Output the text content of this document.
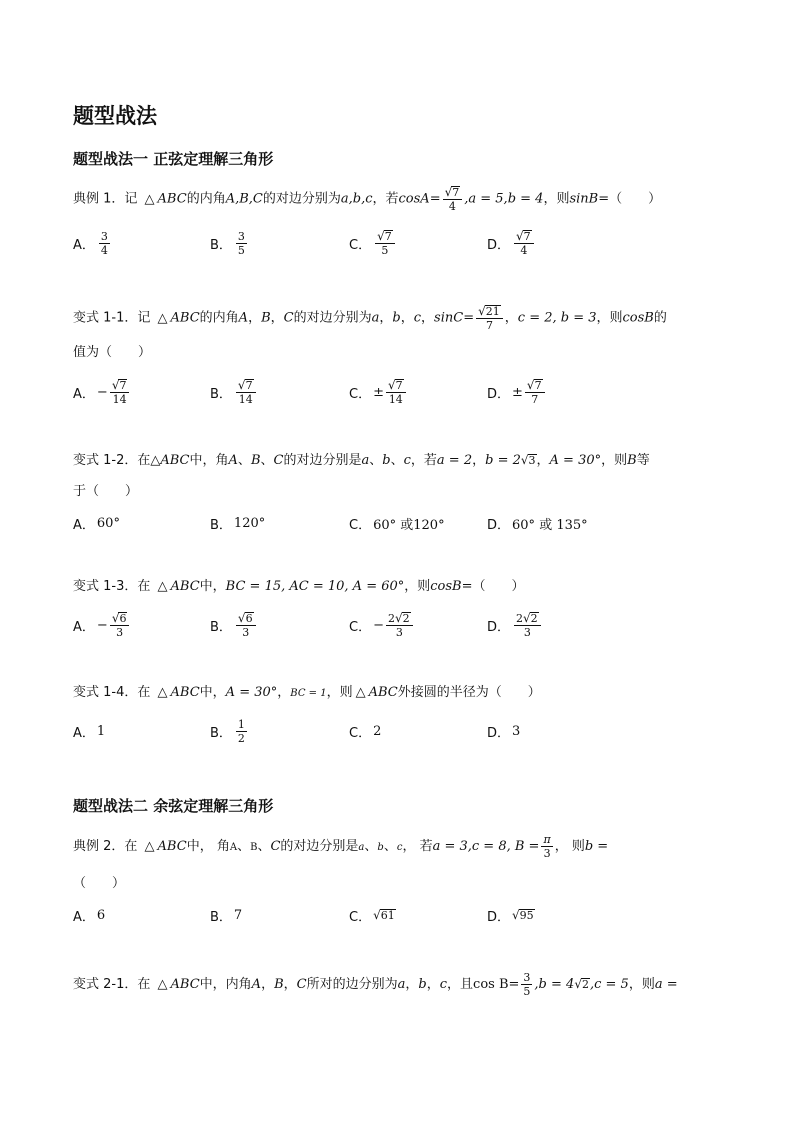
题型战法
题型战法一 正弦定理解三角形
典例 1．记 △ ABC的内角A,B,C的对边分别为a,b,c，若$\cos A= \frac{√ 7}{4} ,a = 5,b = 4$，则sinB=（　　）
A． $\frac{3}{4}$	B． $\frac{3}{5}$	C． $\frac{√ 7}{5}$	D． $\frac{√ 7}{4}$
变式 1-1．记 △ ABC的内角A，B，C的对边分别为a，b，c，$\sin C= \frac{√ 21}{7}$ ，c = 2, b = 3，则cosB的
值为（　　）
A． − $\frac{√ 7}{14}$	B． $\frac{√ 7}{14}$	C． ± $\frac{√ 7}{14}$	D． ± $\frac{√ 7}{7}$
变式 1-2．在△ABC中，角A、B、C的对边分别是a、b、c，若a = 2，b = 2 √ 3 ，A = 30°，则B等
于（　　）
A． 60°	B． 120°	C． 60° 或120°	D． 60° 或 135°
变式 1-3．在 △ ABC中，BC = 15, AC = 10, A = 60°，则cosB=（　　）
A． − $\frac{√ 6}{3}$	B． $\frac{√ 6}{3}$	C． − $\frac{2 √ 2}{3}$	D． $\frac{2 √ 2}{3}$
变式 1-4．在 △ ABC中，A = 30°，BC = 1，则 △ ABC外接圆的半径为（　　）
A． 1	B． $\frac{1}{2}$	C． 2	D． 3
题型战法二 余弦定理解三角形
典例 2．在 △ ABC中， 角A、B、C的对边分别是a、b、c， 若a = 3,c = 8, $B = \frac{\pi}{3}$ ， 则b =
（　　）
A． 6	B． 7	C． √ 61	D． √ 95
变式 2-1．在 △ ABC中，内角A，B，C所对的边分别为a，b，c，且$\cos B= \frac{3}{5} ,b = 4$ √ 2 ,c = 5，则a =
